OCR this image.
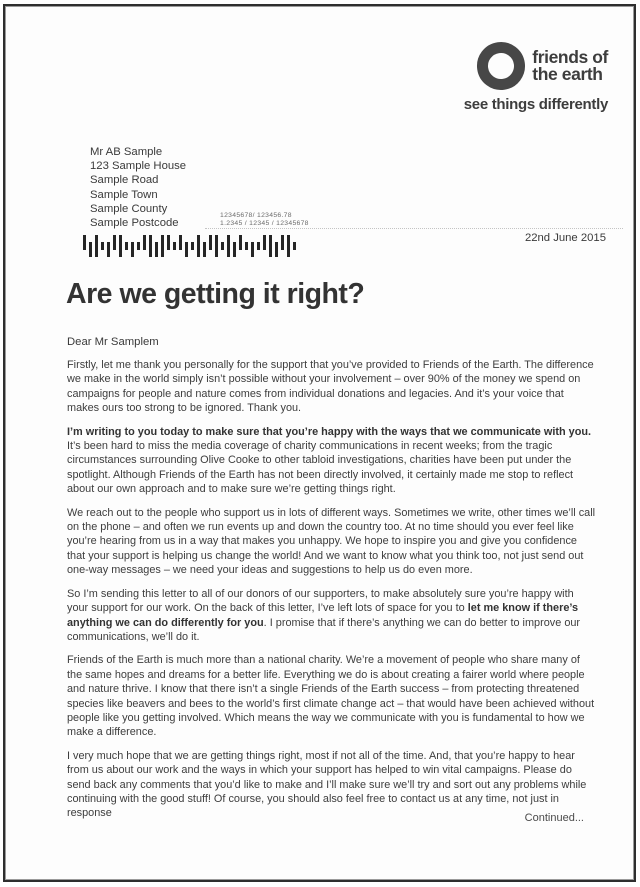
friends of
the earth
see things differently
Mr AB Sample
123 Sample House
Sample Road
Sample Town
Sample County
Sample Postcode
12345678/ 123456.78
1.2345 / 12345 / 12345678
22nd June 2015
Are we getting it right?
Dear Mr Samplem

Firstly, let me thank you personally for the support that you’ve provided to Friends of the Earth. The difference we make in the world simply isn’t possible without your involvement – over 90% of the money we spend on campaigns for people and nature comes from individual donations and legacies. And it’s your voice that makes ours too strong to be ignored. Thank you.

I’m writing to you today to make sure that you’re happy with the ways that we communicate with you. It’s been hard to miss the media coverage of charity communications in recent weeks; from the tragic circumstances surrounding Olive Cooke to other tabloid investigations, charities have been put under the spotlight. Although Friends of the Earth has not been directly involved, it certainly made me stop to reflect about our own approach and to make sure we’re getting things right.

We reach out to the people who support us in lots of different ways. Sometimes we write, other times we’ll call on the phone – and often we run events up and down the country too. At no time should you ever feel like you’re hearing from us in a way that makes you unhappy. We hope to inspire you and give you confidence that your support is helping us change the world! And we want to know what you think too, not just send out one-way messages – we need your ideas and suggestions to help us do even more.

So I’m sending this letter to all of our donors of our supporters, to make absolutely sure you’re happy with your support for our work. On the back of this letter, I’ve left lots of space for you to let me know if there’s anything we can do differently for you. I promise that if there’s anything we can do better to improve our communications, we’ll do it.

Friends of the Earth is much more than a national charity. We’re a movement of people who share many of the same hopes and dreams for a better life. Everything we do is about creating a fairer world where people and nature thrive. I know that there isn’t a single Friends of the Earth success – from protecting threatened species like beavers and bees to the world’s first climate change act – that would have been achieved without people like you getting involved. Which means the way we communicate with you is fundamental to how we make a difference.

I very much hope that we are getting things right, most if not all of the time. And, that you’re happy to hear from us about our work and the ways in which your support has helped to win vital campaigns. Please do send back any comments that you’d like to make and I’ll make sure we’ll try and sort out any problems while continuing with the good stuff! Of course, you should also feel free to contact us at any time, not just in response	Continued...
